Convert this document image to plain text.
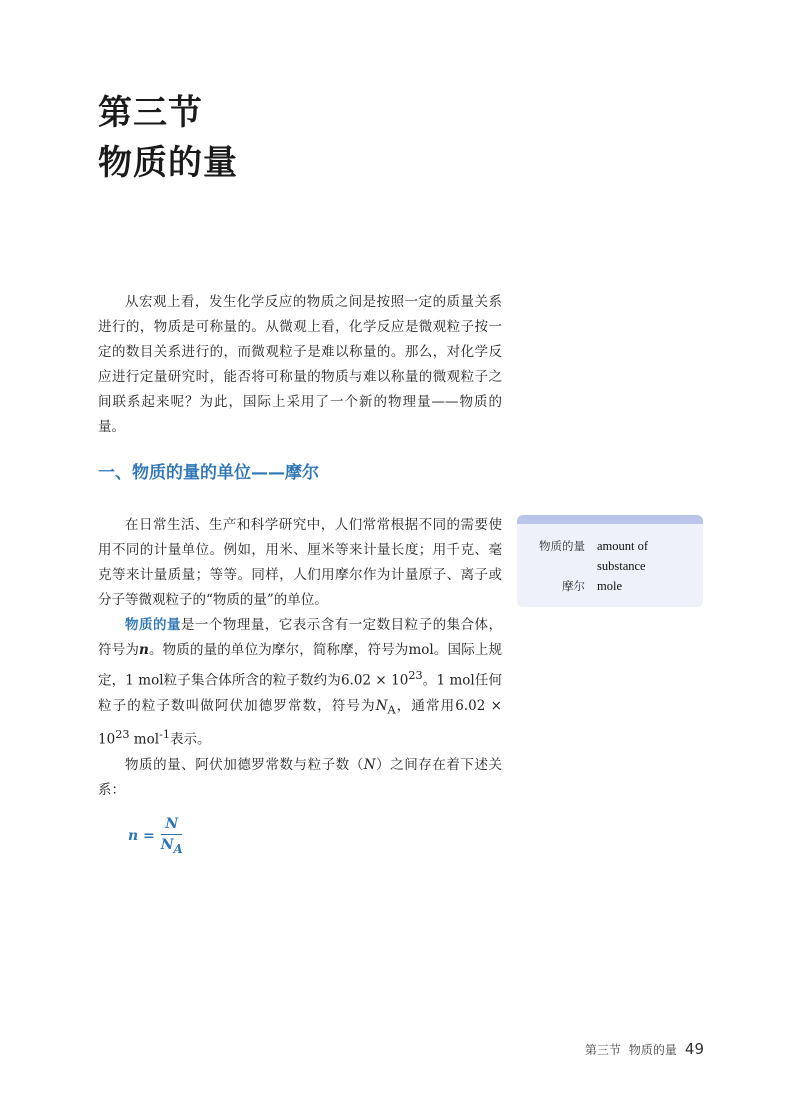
第三节
物质的量
从宏观上看，发生化学反应的物质之间是按照一定的质量关系进行的，物质是可称量的。从微观上看，化学反应是微观粒子按一定的数目关系进行的，而微观粒子是难以称量的。那么，对化学反应进行定量研究时，能否将可称量的物质与难以称量的微观粒子之间联系起来呢？为此，国际上采用了一个新的物理量——物质的量。
一、物质的量的单位——摩尔

在日常生活、生产和科学研究中，人们常常根据不同的需要使用不同的计量单位。例如，用米、厘米等来计量长度；用千克、毫克等来计量质量；等等。同样，人们用摩尔作为计量原子、离子或分子等微观粒子的“物质的量”的单位。

物质的量是一个物理量，它表示含有一定数目粒子的集合体，符号为n。物质的量的单位为摩尔，简称摩，符号为mol。国际上规定，1 mol粒子集合体所含的粒子数约为$6.02 \times 10^{23}$。1 mol任何粒子的粒子数叫做阿伏加德罗常数，符号为$N_A$，通常用$6.02 \times 10^{23}$ mol$^{-1}$表示。

物质的量、阿伏加德罗常数与粒子数（N）之间存在着下述关系：

$n = \frac{N}{N_A}$
物质的量 amount of
substance
摩尔 mole
第三节 物质的量 49
